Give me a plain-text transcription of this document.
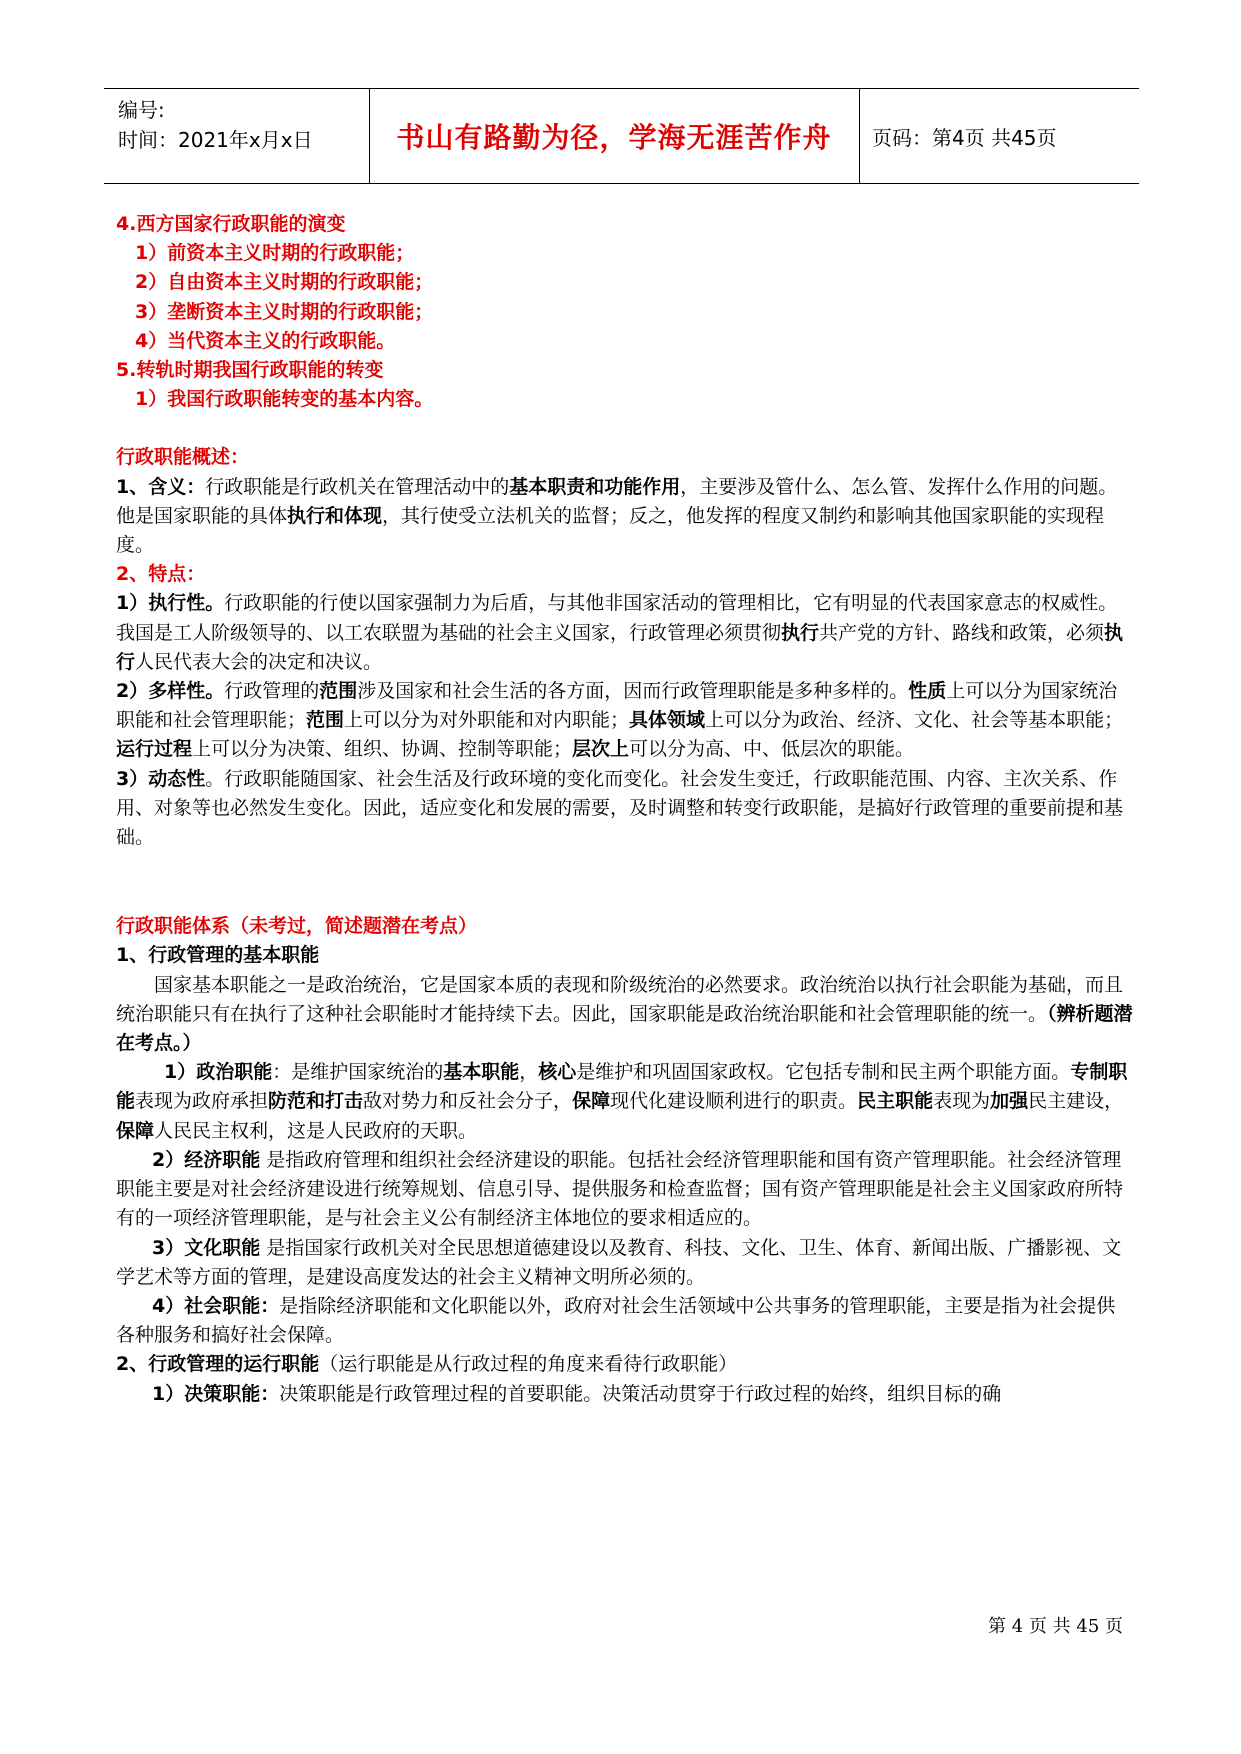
编号:
时间：2021年x月x日	书山有路勤为径，学海无涯苦作舟	页码：第4页 共45页

4.西方国家行政职能的演变

1）前资本主义时期的行政职能；

2）自由资本主义时期的行政职能；

3）垄断资本主义时期的行政职能；

4）当代资本主义的行政职能。

5.转轨时期我国行政职能的转变

1）我国行政职能转变的基本内容。

行政职能概述：

1、含义：行政职能是行政机关在管理活动中的基本职责和功能作用，主要涉及管什么、怎么管、发挥什么作用的问题。他是国家职能的具体执行和体现，其行使受立法机关的监督；反之，他发挥的程度又制约和影响其他国家职能的实现程度。

2、特点：

1）执行性。行政职能的行使以国家强制力为后盾，与其他非国家活动的管理相比，它有明显的代表国家意志的权威性。我国是工人阶级领导的、以工农联盟为基础的社会主义国家，行政管理必须贯彻执行共产党的方针、路线和政策，必须执行人民代表大会的决定和决议。

2）多样性。行政管理的范围涉及国家和社会生活的各方面，因而行政管理职能是多种多样的。性质上可以分为国家统治职能和社会管理职能；范围上可以分为对外职能和对内职能；具体领域上可以分为政治、经济、文化、社会等基本职能；运行过程上可以分为决策、组织、协调、控制等职能；层次上可以分为高、中、低层次的职能。

3）动态性。行政职能随国家、社会生活及行政环境的变化而变化。社会发生变迁，行政职能范围、内容、主次关系、作用、对象等也必然发生变化。因此，适应变化和发展的需要，及时调整和转变行政职能，是搞好行政管理的重要前提和基础。

行政职能体系（未考过，简述题潜在考点）

1、行政管理的基本职能

国家基本职能之一是政治统治，它是国家本质的表现和阶级统治的必然要求。政治统治以执行社会职能为基础，而且统治职能只有在执行了这种社会职能时才能持续下去。因此，国家职能是政治统治职能和社会管理职能的统一。（辨析题潜在考点。）

1）政治职能：是维护国家统治的基本职能，核心是维护和巩固国家政权。它包括专制和民主两个职能方面。专制职能表现为政府承担防范和打击敌对势力和反社会分子，保障现代化建设顺利进行的职责。民主职能表现为加强民主建设，保障人民民主权利，这是人民政府的天职。

2）经济职能 是指政府管理和组织社会经济建设的职能。包括社会经济管理职能和国有资产管理职能。社会经济管理职能主要是对社会经济建设进行统筹规划、信息引导、提供服务和检查监督；国有资产管理职能是社会主义国家政府所特有的一项经济管理职能，是与社会主义公有制经济主体地位的要求相适应的。

3）文化职能 是指国家行政机关对全民思想道德建设以及教育、科技、文化、卫生、体育、新闻出版、广播影视、文学艺术等方面的管理，是建设高度发达的社会主义精神文明所必须的。

4）社会职能：是指除经济职能和文化职能以外，政府对社会生活领域中公共事务的管理职能，主要是指为社会提供各种服务和搞好社会保障。

2、行政管理的运行职能（运行职能是从行政过程的角度来看待行政职能）

1）决策职能：决策职能是行政管理过程的首要职能。决策活动贯穿于行政过程的始终，组织目标的确

第 4 页 共 45 页
